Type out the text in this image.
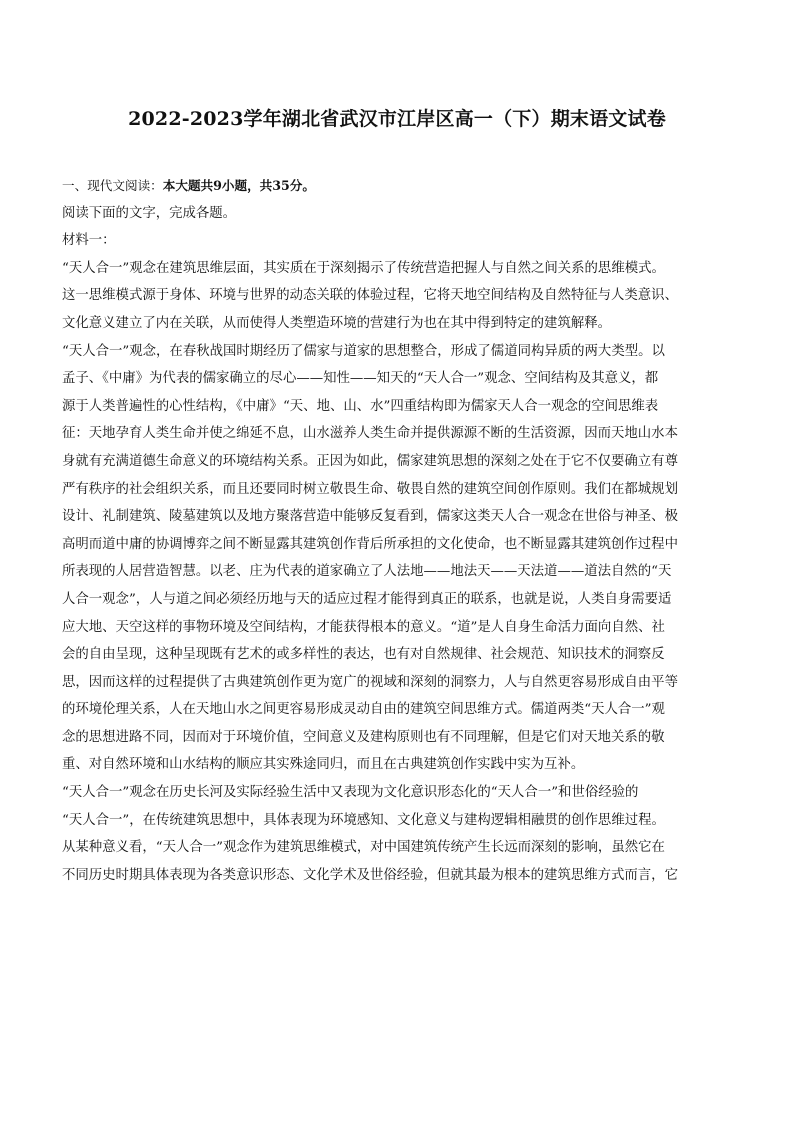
2022-2023学年湖北省武汉市江岸区高一（下）期末语文试卷
一、现代文阅读：本大题共9小题，共35分。
阅读下面的文字，完成各题。
材料一：
“天人合一”观念在建筑思维层面，其实质在于深刻揭示了传统营造把握人与自然之间关系的思维模式。
这一思维模式源于身体、环境与世界的动态关联的体验过程，它将天地空间结构及自然特征与人类意识、
文化意义建立了内在关联，从而使得人类塑造环境的营建行为也在其中得到特定的建筑解释。
“天人合一”观念，在春秋战国时期经历了儒家与道家的思想整合，形成了儒道同构异质的两大类型。以
孟子、《中庸》为代表的儒家确立的尽心——知性——知天的“天人合一”观念、空间结构及其意义，都
源于人类普遍性的心性结构，《中庸》“天、地、山、水”四重结构即为儒家天人合一观念的空间思维表
征：天地孕育人类生命并使之绵延不息，山水滋养人类生命并提供源源不断的生活资源，因而天地山水本
身就有充满道德生命意义的环境结构关系。正因为如此，儒家建筑思想的深刻之处在于它不仅要确立有尊
严有秩序的社会组织关系，而且还要同时树立敬畏生命、敬畏自然的建筑空间创作原则。我们在都城规划
设计、礼制建筑、陵墓建筑以及地方聚落营造中能够反复看到，儒家这类天人合一观念在世俗与神圣、极
高明而道中庸的协调博弈之间不断显露其建筑创作背后所承担的文化使命，也不断显露其建筑创作过程中
所表现的人居营造智慧。以老、庄为代表的道家确立了人法地——地法天——天法道——道法自然的“天
人合一观念”，人与道之间必须经历地与天的适应过程才能得到真正的联系，也就是说，人类自身需要适
应大地、天空这样的事物环境及空间结构，才能获得根本的意义。“道”是人自身生命活力面向自然、社
会的自由呈现，这种呈现既有艺术的或多样性的表达，也有对自然规律、社会规范、知识技术的洞察反
思，因而这样的过程提供了古典建筑创作更为宽广的视域和深刻的洞察力，人与自然更容易形成自由平等
的环境伦理关系，人在天地山水之间更容易形成灵动自由的建筑空间思维方式。儒道两类“天人合一”观
念的思想进路不同，因而对于环境价值，空间意义及建构原则也有不同理解，但是它们对天地关系的敬
重、对自然环境和山水结构的顺应其实殊途同归，而且在古典建筑创作实践中实为互补。
“天人合一”观念在历史长河及实际经验生活中又表现为文化意识形态化的“天人合一”和世俗经验的
“天人合一”，在传统建筑思想中，具体表现为环境感知、文化意义与建构逻辑相融贯的创作思维过程。
从某种意义看，“天人合一”观念作为建筑思维模式，对中国建筑传统产生长远而深刻的影响，虽然它在
不同历史时期具体表现为各类意识形态、文化学术及世俗经验，但就其最为根本的建筑思维方式而言，它
